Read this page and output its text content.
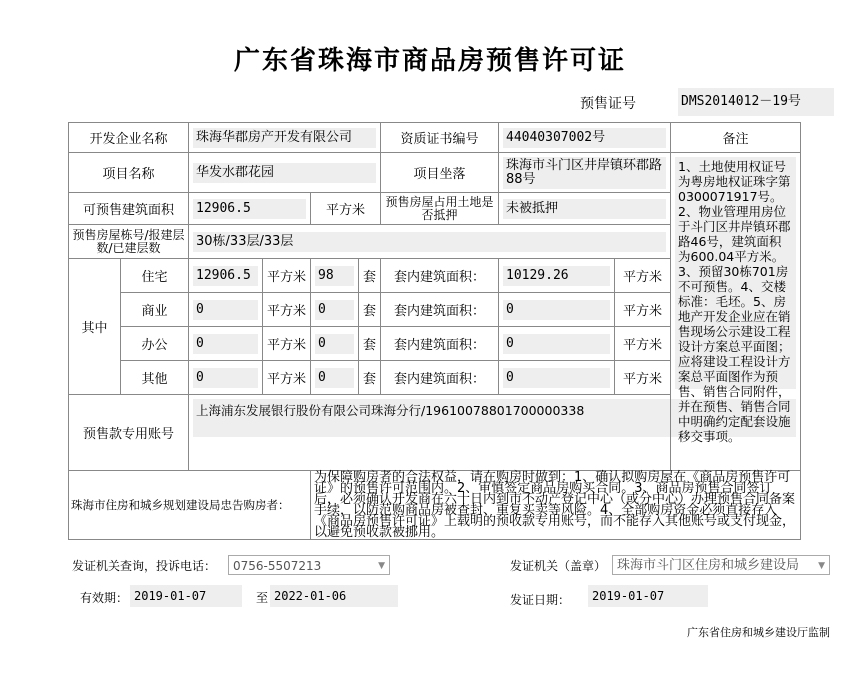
广东省珠海市商品房预售许可证
预售证号	DMS2014012－19号
开发企业名称		珠海华郡房产开发有限公司				资质证书编号	44040307002号		备注
项目名称		华发水郡花园				项目坐落	珠海市斗门区井岸镇环郡路88号		1、土地使用权证号为粤房地权证珠字第0300071917号。2、物业管理用房位于斗门区井岸镇环郡路46号，建筑面积为600.04平方米。3、预留30栋701房不可预售。4、交楼标准：毛坯。5、房地产开发企业应在销售现场公示建设工程设计方案总平面图；应将建设工程设计方案总平面图作为预售、销售合同附件，并在预售、销售合同中明确约定配套设施移交事项。

可预售建筑面积		12906.5		平方米		预售房屋占用土地是否抵押	未被抵押		

预售房屋栋号/报建层数/已建层数		30栋/33层/33层							

其中	住宅	12906.5	平方米	98	套	套内建筑面积：	10129.26	平方米	
	商业	0	平方米	0	套	套内建筑面积：	0	平方米	
	办公	0	平方米	0	套	套内建筑面积：	0	平方米	
	其他	0	平方米	0	套	套内建筑面积：	0	平方米	
预售款专用账号		上海浦东发展银行股份有限公司珠海分行/19610078801700000338							

珠海市住房和城乡规划建设局忠告购房者：				为保障购房者的合法权益，请在购房时做到：1、确认拟购房屋在《商品房预售许可证》的预售许可范围内。2、审慎签定商品房购买合同。3、商品房预售合同签订后，必须确认开发商在六十日内到市不动产登记中心（或分中心）办理预售合同备案手续，以防范购商品房被查封、重复买卖等风险。4、全部购房资金必须直接存入《商品房预售许可证》上载明的预收款专用账号，而不能存入其他账号或支付现金，以避免预收款被挪用。					
发证机关查询，投诉电话：	0756-5507213	▼	发证机关（盖章） 珠海市斗门区住房和城乡建设局 ▼
有效期： 2019-01-07	至 2022-01-06	发证日期：	2019-01-07
广东省住房和城乡建设厅监制
